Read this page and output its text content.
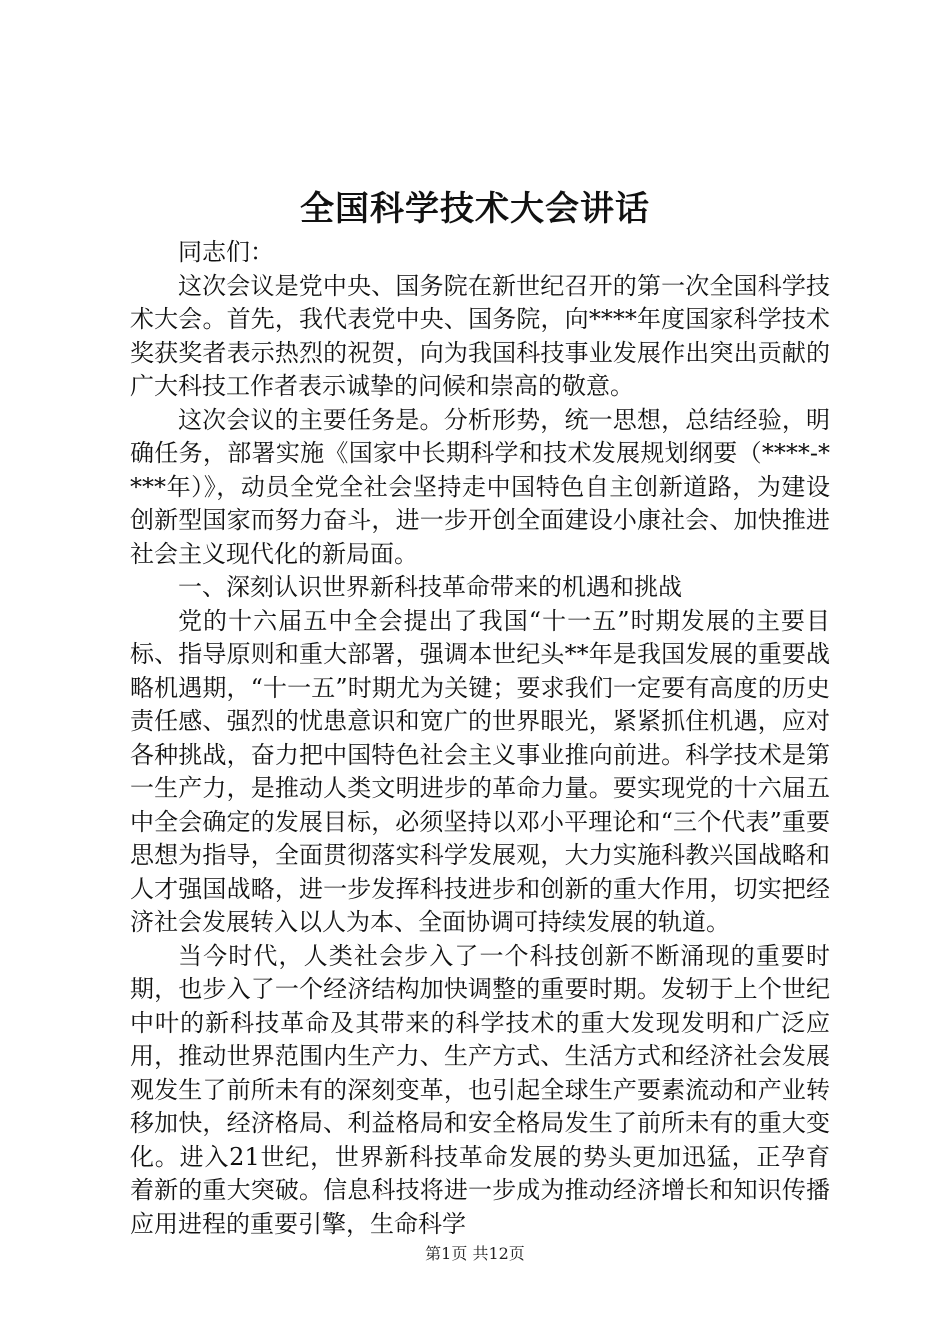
全国科学技术大会讲话

同志们：

这次会议是党中央、国务院在新世纪召开的第一次全国科学技术大会。首先，我代表党中央、国务院，向****年度国家科学技术奖获奖者表示热烈的祝贺，向为我国科技事业发展作出突出贡献的广大科技工作者表示诚挚的问候和崇高的敬意。

这次会议的主要任务是。分析形势，统一思想，总结经验，明确任务，部署实施《国家中长期科学和技术发展规划纲要（****-****年）》，动员全党全社会坚持走中国特色自主创新道路，为建设创新型国家而努力奋斗，进一步开创全面建设小康社会、加快推进社会主义现代化的新局面。

一、深刻认识世界新科技革命带来的机遇和挑战

党的十六届五中全会提出了我国“十一五”时期发展的主要目标、指导原则和重大部署，强调本世纪头**年是我国发展的重要战略机遇期，“十一五”时期尤为关键；要求我们一定要有高度的历史责任感、强烈的忧患意识和宽广的世界眼光，紧紧抓住机遇，应对各种挑战，奋力把中国特色社会主义事业推向前进。科学技术是第一生产力，是推动人类文明进步的革命力量。要实现党的十六届五中全会确定的发展目标，必须坚持以邓小平理论和“三个代表”重要思想为指导，全面贯彻落实科学发展观，大力实施科教兴国战略和人才强国战略，进一步发挥科技进步和创新的重大作用，切实把经济社会发展转入以人为本、全面协调可持续发展的轨道。

当今时代，人类社会步入了一个科技创新不断涌现的重要时期，也步入了一个经济结构加快调整的重要时期。发轫于上个世纪中叶的新科技革命及其带来的科学技术的重大发现发明和广泛应用，推动世界范围内生产力、生产方式、生活方式和经济社会发展观发生了前所未有的深刻变革，也引起全球生产要素流动和产业转移加快，经济格局、利益格局和安全格局发生了前所未有的重大变化。进入21世纪，世界新科技革命发展的势头更加迅猛，正孕育着新的重大突破。信息科技将进一步成为推动经济增长和知识传播应用进程的重要引擎，生命科学

第1页 共12页
